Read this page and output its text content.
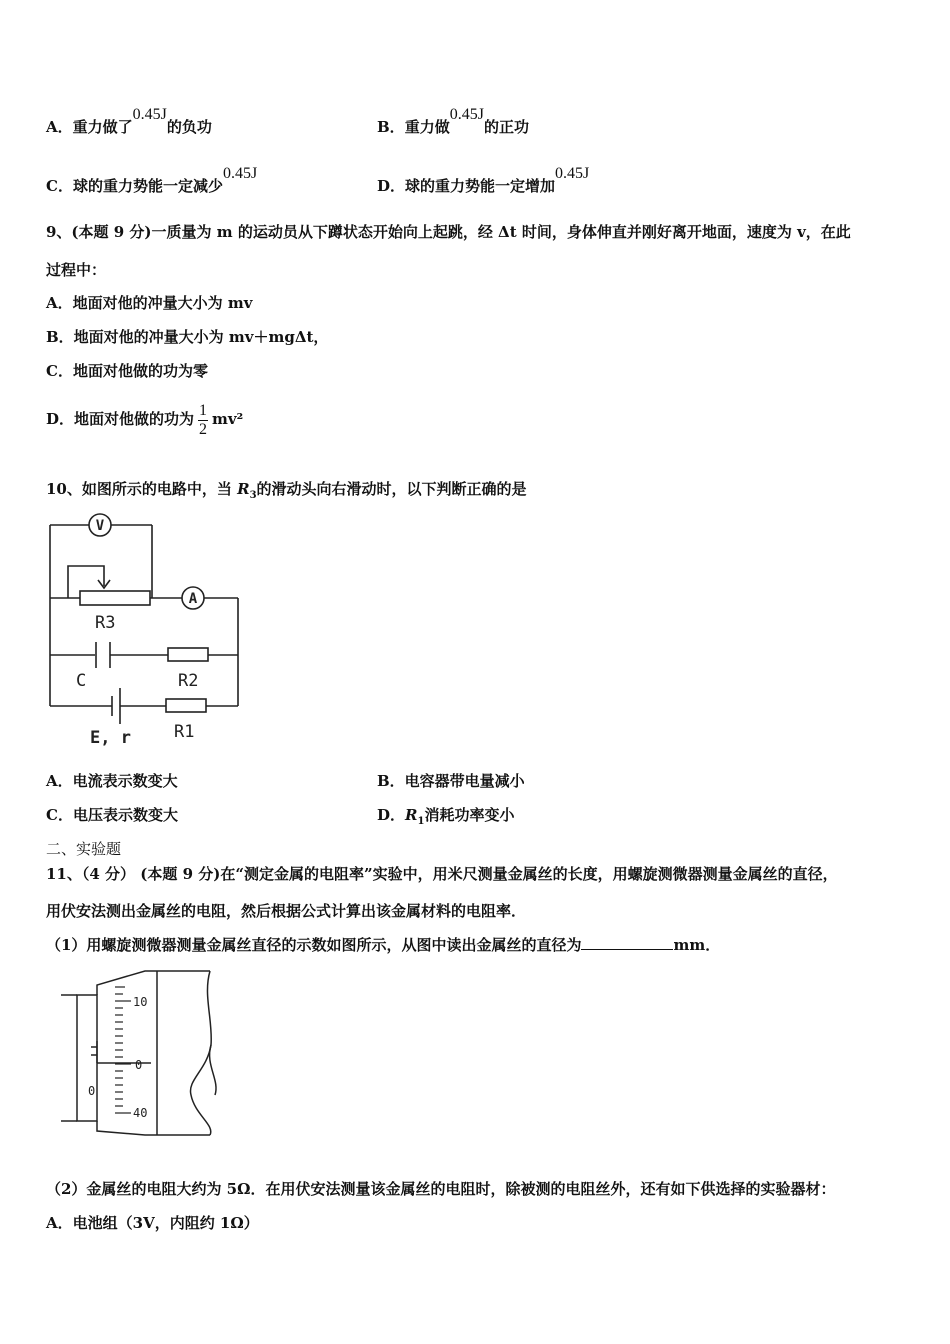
A．重力做了0.45J的负功	B．重力做0.45J的正功
C．球的重力势能一定减少0.45J
D．球的重力势能一定增加0.45J
9、(本题 9 分)一质量为 m 的运动员从下蹲状态开始向上起跳，经 Δt 时间，身体伸直并刚好离开地面，速度为 v，在此
过程中：
A．地面对他的冲量大小为 mv
B．地面对他的冲量大小为 mv＋mgΔt，
C．地面对他做的功为零
D．地面对他做的功为 $\frac{1}{2} mv^2$
10、如图所示的电路中，当 $R_3$的滑动头向右滑动时，以下判断正确的是
V
R3
A
R2
C
R1
E, r
A．电流表示数变大	B．电容器带电量减小
C．电压表示数变大	D．$R_1$消耗功率变小
二、实验题
11、（4 分） (本题 9 分)在“测定金属的电阻率”实验中，用米尺测量金属丝的长度，用螺旋测微器测量金属丝的直径，
用伏安法测出金属丝的电阻，然后根据公式计算出该金属材料的电阻率．
（1）用螺旋测微器测量金属丝直径的示数如图所示，从图中读出金属丝的直径为	mm．
10
0
40
0
（2）金属丝的电阻大约为 5Ω．在用伏安法测量该金属丝的电阻时，除被测的电阻丝外，还有如下供选择的实验器材：
A．电池组（3V，内阻约 1Ω）
